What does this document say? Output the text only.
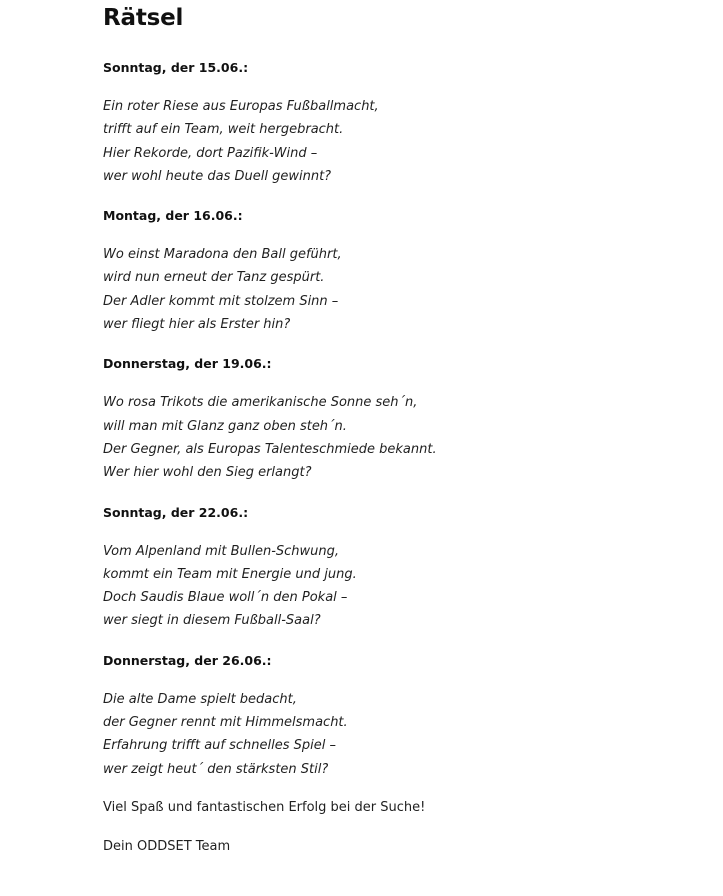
Rätsel

Sonntag, der 15.06.:

Ein roter Riese aus Europas Fußballmacht,
trifft auf ein Team, weit hergebracht.
Hier Rekorde, dort Pazifik-Wind –
wer wohl heute das Duell gewinnt?

Montag, der 16.06.:

Wo einst Maradona den Ball geführt,
wird nun erneut der Tanz gespürt.
Der Adler kommt mit stolzem Sinn –
wer fliegt hier als Erster hin?

Donnerstag, der 19.06.:

Wo rosa Trikots die amerikanische Sonne seh´n,
will man mit Glanz ganz oben steh´n.
Der Gegner, als Europas Talenteschmiede bekannt.
Wer hier wohl den Sieg erlangt?

Sonntag, der 22.06.:

Vom Alpenland mit Bullen-Schwung,
kommt ein Team mit Energie und jung.
Doch Saudis Blaue woll´n den Pokal –
wer siegt in diesem Fußball-Saal?

Donnerstag, der 26.06.:

Die alte Dame spielt bedacht,
der Gegner rennt mit Himmelsmacht.
Erfahrung trifft auf schnelles Spiel –
wer zeigt heut´ den stärksten Stil?

Viel Spaß und fantastischen Erfolg bei der Suche!

Dein ODDSET Team
